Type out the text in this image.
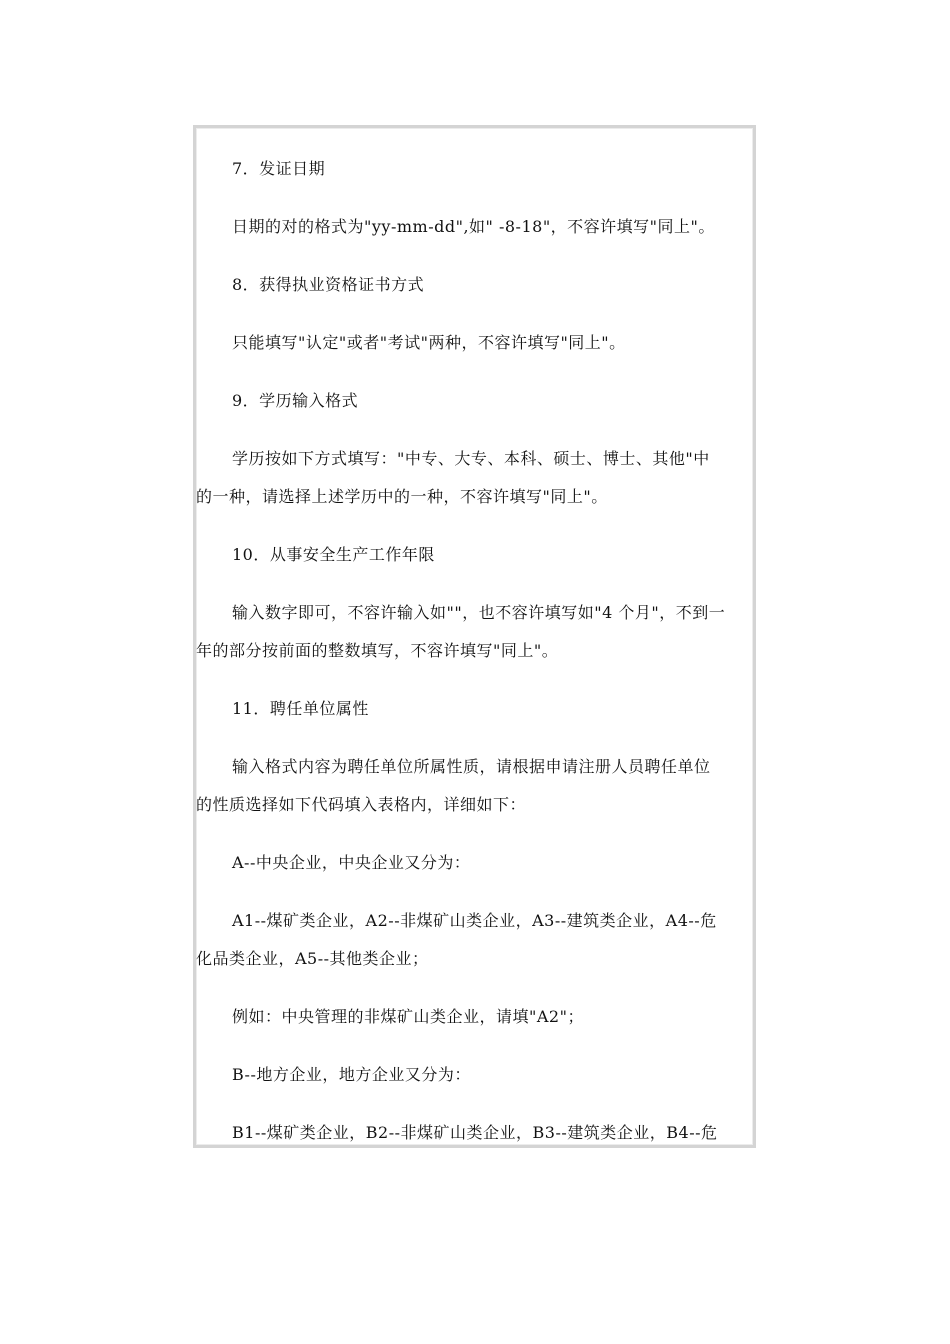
7．发证日期

日期的对的格式为"yy-mm-dd",如" -8-18"，不容许填写"同上"。

8．获得执业资格证书方式

只能填写"认定"或者"考试"两种，不容许填写"同上"。

9．学历输入格式

学历按如下方式填写："中专、大专、本科、硕士、博士、其他"中

的一种，请选择上述学历中的一种，不容许填写"同上"。

10．从事安全生产工作年限

输入数字即可，不容许输入如""，也不容许填写如"4 个月"，不到一

年的部分按前面的整数填写，不容许填写"同上"。

11．聘任单位属性

输入格式内容为聘任单位所属性质，请根据申请注册人员聘任单位

的性质选择如下代码填入表格内，详细如下：

A--中央企业，中央企业又分为：

A1--煤矿类企业，A2--非煤矿山类企业，A3--建筑类企业，A4--危

化品类企业，A5--其他类企业；

例如：中央管理的非煤矿山类企业，请填"A2"；

B--地方企业，地方企业又分为：

B1--煤矿类企业，B2--非煤矿山类企业，B3--建筑类企业，B4--危
